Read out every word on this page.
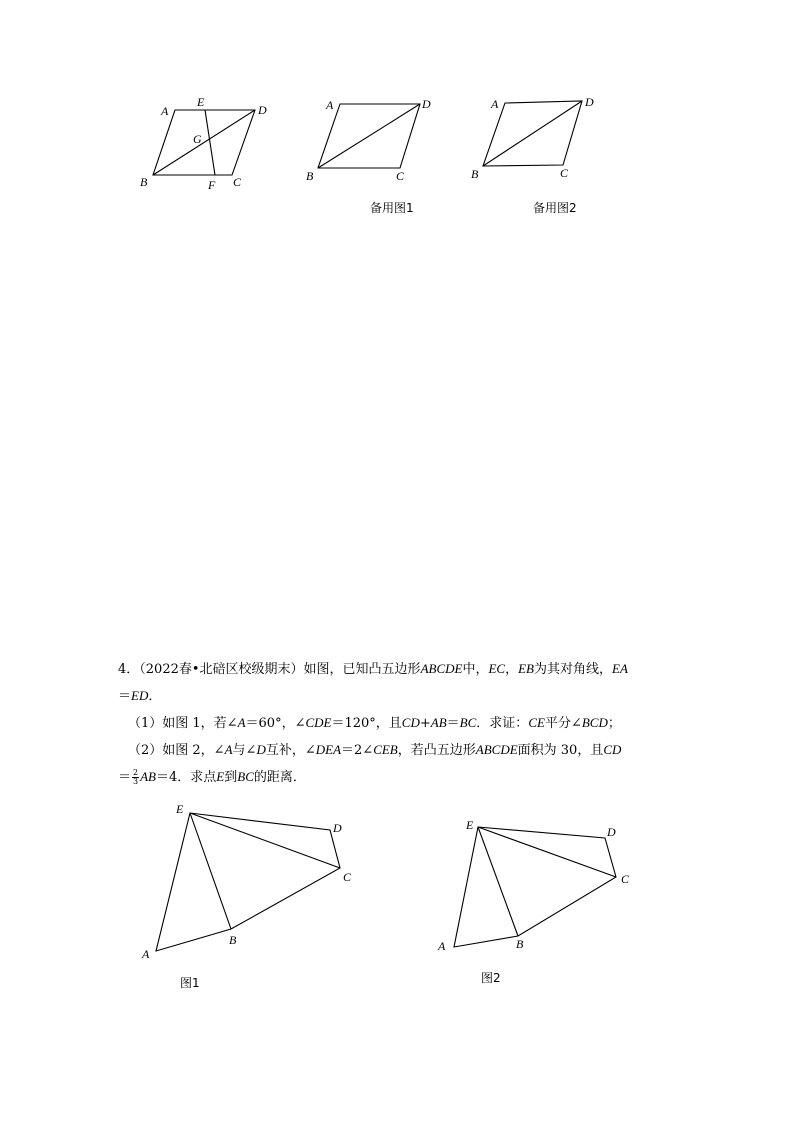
A
E
D
G
B	F C
A	D
B	C
备用图1
A	D
B	C
备用图2
E
D
C
B
A
图1
E	D
C
B
A
图2

4．（2022春•北碚区校级期末）如图，已知凸五边形ABCDE中，EC，EB为其对角线，EA

＝ED．

（1）如图 1，若∠A＝60°，∠CDE＝120°，且CD+AB＝BC．求证：CE平分∠BCD；

（2）如图 2，∠A与∠D互补，∠DEA＝2∠CEB，若凸五边形ABCDE面积为 30，且CD

＝ $\frac{2}{3} AB=4$．求点E到BC的距离．
